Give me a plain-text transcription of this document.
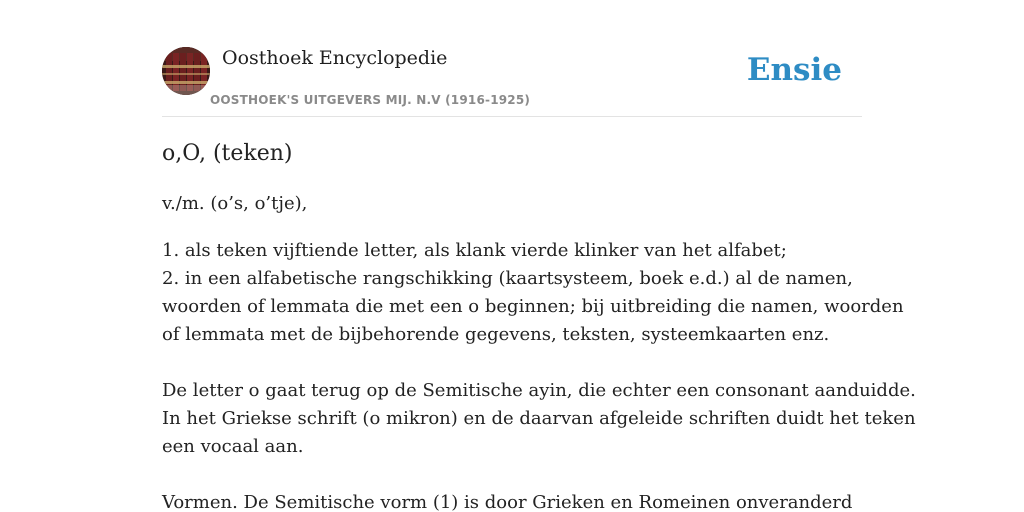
Oosthoek Encyclopedie
OOSTHOEK'S UITGEVERS MIJ. N.V (1916-1925)
Ensie
o,O, (teken)

v./m. (o’s, o’tje),

1. als teken vijftiende letter, als klank vierde klinker van het alfabet;
2. in een alfabetische rangschikking (kaartsysteem, boek e.d.) al de namen,
woorden of lemmata die met een o beginnen; bij uitbreiding die namen, woorden
of lemmata met de bijbehorende gegevens, teksten, systeemkaarten enz.
De letter o gaat terug op de Semitische ayin, die echter een consonant aanduidde.
In het Griekse schrift (o mikron) en de daarvan afgeleide schriften duidt het teken
een vocaal aan.
Vormen. De Semitische vorm (1) is door Grieken en Romeinen onveranderd
